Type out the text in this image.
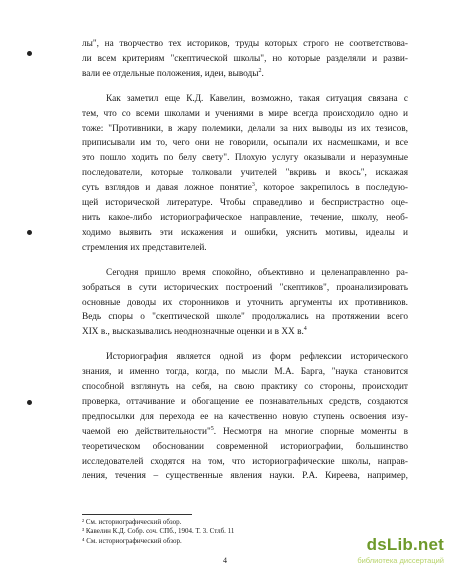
лы", на творчество тех историков, труды которых строго не соответствова-

ли всем критериям "скептической школы", но которые разделяли и разви-

вали ее отдельные положения, идеи, выводы$^2$.

Как заметил еще К.Д. Кавелин, возможно, такая ситуация связана с

тем, что со всеми школами и учениями в мире всегда происходило одно и

тоже: "Противники, в жару полемики, делали за них выводы из их тезисов,

приписывали им то, чего они не говорили, осыпали их насмешками, и все

это пошло ходить по белу свету". Плохую услугу оказывали и неразумные

последователи, которые толковали учителей "вкривь и вкось", искажая

суть взглядов и давая ложное понятие$^3$, которое закрепилось в последую-

щей исторической литературе. Чтобы справедливо и беспристрастно оце-

нить какое-либо историографическое направление, течение, школу, необ-

ходимо выявить эти искажения и ошибки, уяснить мотивы, идеалы и

стремления их представителей.

Сегодня пришло время спокойно, объективно и целенаправленно ра-

зобраться в сути исторических построений "скептиков", проанализировать

основные доводы их сторонников и уточнить аргументы их противников.

Ведь споры о "скептической школе" продолжались на протяжении всего

XIX в., высказывались неоднозначные оценки и в XX в.$^4$

Историография является одной из форм рефлексии исторического

знания, и именно тогда, когда, по мысли М.А. Барга, "наука становится

способной взглянуть на себя, на свою практику со стороны, происходит

проверка, оттачивание и обогащение ее познавательных средств, создаются

предпосылки для перехода ее на качественно новую ступень освоения изу-

чаемой ею действительности"$^5$. Несмотря на многие спорные моменты в

теоретическом обосновании современной историографии, большинство

исследователей сходятся на том, что историографические школы, направ-

ления, течения – существенные явления науки. Р.А. Киреева, например,

² См. историографический обзор.
³ Кавелин К.Д. Собр. соч. СПб., 1904. Т. 3. Стлб. 11
⁴ См. историографический обзор.
4
dsLib.net
библиотека диссертаций
